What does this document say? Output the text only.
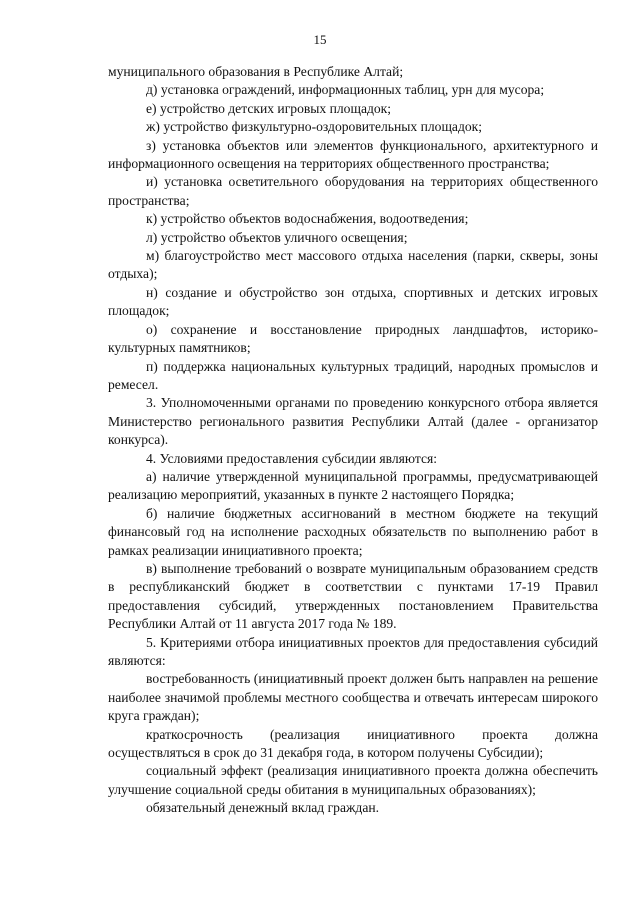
15

муниципального образования в Республике Алтай;

д) установка ограждений, информационных таблиц, урн для мусора;

е) устройство детских игровых площадок;

ж) устройство физкультурно-оздоровительных площадок;

з) установка объектов или элементов функционального, архитектурного и информационного освещения на территориях общественного пространства;

и) установка осветительного оборудования на территориях общественного пространства;

к) устройство объектов водоснабжения, водоотведения;

л) устройство объектов уличного освещения;

м) благоустройство мест массового отдыха населения (парки, скверы, зоны отдыха);

н) создание и обустройство зон отдыха, спортивных и детских игровых площадок;

о) сохранение и восстановление природных ландшафтов, историко-культурных памятников;

п) поддержка национальных культурных традиций, народных промыслов и ремесел.

3. Уполномоченными органами по проведению конкурсного отбора является Министерство регионального развития Республики Алтай (далее - организатор конкурса).

4. Условиями предоставления субсидии являются:

а) наличие утвержденной муниципальной программы, предусматривающей реализацию мероприятий, указанных в пункте 2 настоящего Порядка;

б) наличие бюджетных ассигнований в местном бюджете на текущий финансовый год на исполнение расходных обязательств по выполнению работ в рамках реализации инициативного проекта;

в) выполнение требований о возврате муниципальным образованием средств в республиканский бюджет в соответствии с пунктами 17-19 Правил предоставления субсидий, утвержденных постановлением Правительства Республики Алтай от 11 августа 2017 года № 189.

5. Критериями отбора инициативных проектов для предоставления субсидий являются:

востребованность (инициативный проект должен быть направлен на решение наиболее значимой проблемы местного сообщества и отвечать интересам широкого круга граждан);

краткосрочность (реализация инициативного проекта должна осуществляться в срок до 31 декабря года, в котором получены Субсидии);

социальный эффект (реализация инициативного проекта должна обеспечить улучшение социальной среды обитания в муниципальных образованиях);

обязательный денежный вклад граждан.
